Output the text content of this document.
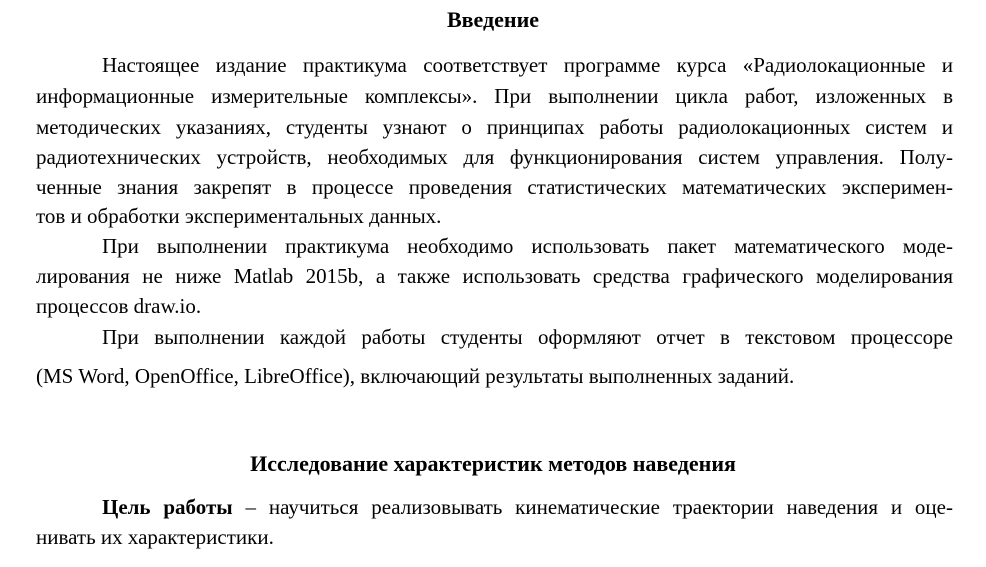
Введение

Настоящее издание практикума соответствует программе курса «Радиолокационные и

информационные измерительные комплексы». При выполнении цикла работ, изложенных в

методических указаниях, студенты узнают о принципах работы радиолокационных систем и

радиотехнических устройств, необходимых для функционирования систем управления. Полу-

ченные знания закрепят в процессе проведения статистических математических эксперимен-

тов и обработки экспериментальных данных.

При выполнении практикума необходимо использовать пакет математического моде-

лирования не ниже Matlab 2015b, а также использовать средства графического моделирования

процессов draw.io.

При выполнении каждой работы студенты оформляют отчет в текстовом процессоре

(MS Word, OpenOffice, LibreOffice), включающий результаты выполненных заданий.

Исследование характеристик методов наведения

Цель работы – научиться реализовывать кинематические траектории наведения и оце-

нивать их характеристики.
